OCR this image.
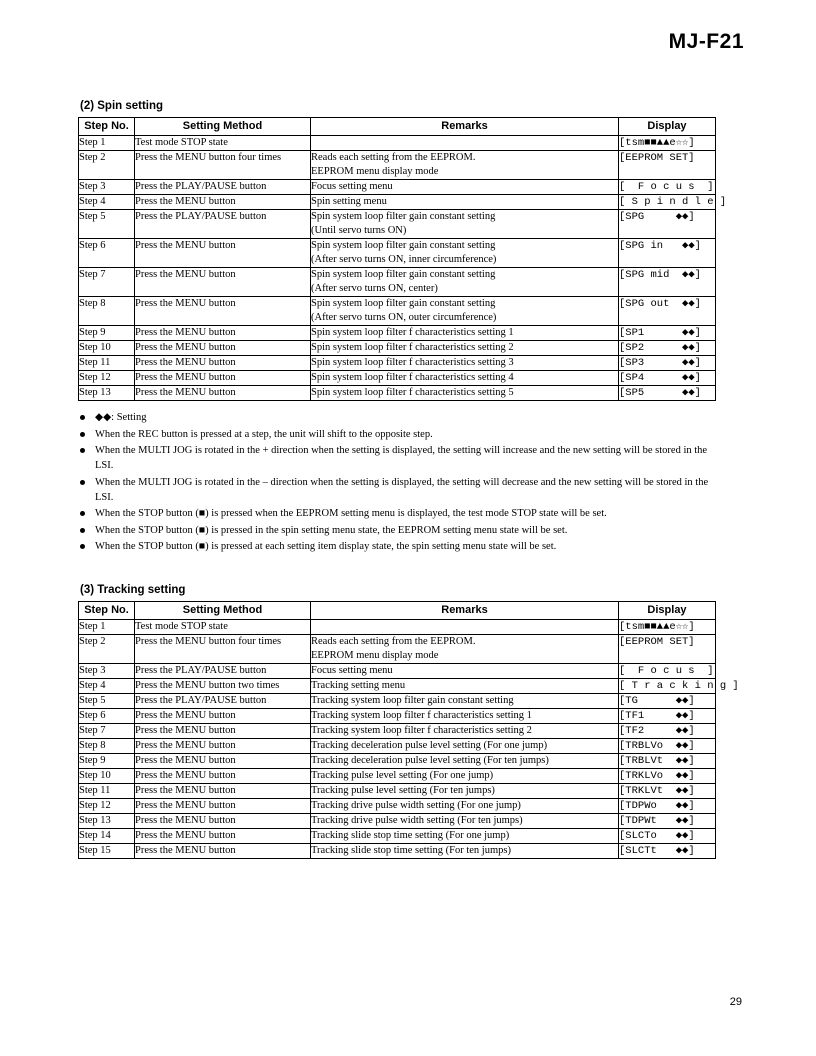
MJ-F21
(2) Spin setting
Step No.	Setting Method	Remarks	Display
Step 1	Test mode STOP state		[tsm■■▲▲e☆☆]
Step 2	Press the MENU button four times	Reads each setting from the EEPROM.
EEPROM menu display mode	[EEPROM SET]
Step 3	Press the PLAY/PAUSE button	Focus setting menu	[  F o c u s  ]
Step 4	Press the MENU button	Spin setting menu	[ S p i n d l e ]
Step 5	Press the PLAY/PAUSE button	Spin system loop filter gain constant setting
(Until servo turns ON)	[SPG     ◆◆]
Step 6	Press the MENU button	Spin system loop filter gain constant setting
(After servo turns ON, inner circumference)	[SPG in   ◆◆]
Step 7	Press the MENU button	Spin system loop filter gain constant setting
(After servo turns ON, center)	[SPG mid  ◆◆]
Step 8	Press the MENU button	Spin system loop filter gain constant setting
(After servo turns ON, outer circumference)	[SPG out  ◆◆]
Step 9	Press the MENU button	Spin system loop filter f characteristics setting 1	[SP1      ◆◆]
Step 10	Press the MENU button	Spin system loop filter f characteristics setting 2	[SP2      ◆◆]
Step 11	Press the MENU button	Spin system loop filter f characteristics setting 3	[SP3      ◆◆]
Step 12	Press the MENU button	Spin system loop filter f characteristics setting 4	[SP4      ◆◆]
Step 13	Press the MENU button	Spin system loop filter f characteristics setting 5	[SP5      ◆◆]
◆◆: Setting
When the REC button is pressed at a step, the unit will shift to the opposite step.
When the MULTI JOG is rotated in the + direction when the setting is displayed, the setting will increase and the new setting will be stored in the LSI.
When the MULTI JOG is rotated in the – direction when the setting is displayed, the setting will decrease and the new setting will be stored in the LSI.
When the STOP button (■) is pressed when the EEPROM setting menu is displayed, the test mode STOP state will be set.
When the STOP button (■) is pressed in the spin setting menu state, the EEPROM setting menu state will be set.
When the STOP button (■) is pressed at each setting item display state, the spin setting menu state will be set.
(3) Tracking setting
Step No.	Setting Method	Remarks	Display
Step 1	Test mode STOP state		[tsm■■▲▲e☆☆]
Step 2	Press the MENU button four times	Reads each setting from the EEPROM.
EEPROM menu display mode	[EEPROM SET]
Step 3	Press the PLAY/PAUSE button	Focus setting menu	[  F o c u s  ]
Step 4	Press the MENU button two times	Tracking setting menu	[ T r a c k i n g ]
Step 5	Press the PLAY/PAUSE button	Tracking system loop filter gain constant setting	[TG      ◆◆]
Step 6	Press the MENU button	Tracking system loop filter f characteristics setting 1	[TF1     ◆◆]
Step 7	Press the MENU button	Tracking system loop filter f characteristics setting 2	[TF2     ◆◆]
Step 8	Press the MENU button	Tracking deceleration pulse level setting (For one jump)	[TRBLVo  ◆◆]
Step 9	Press the MENU button	Tracking deceleration pulse level setting (For ten jumps)	[TRBLVt  ◆◆]
Step 10	Press the MENU button	Tracking pulse level setting (For one jump)	[TRKLVo  ◆◆]
Step 11	Press the MENU button	Tracking pulse level setting (For ten jumps)	[TRKLVt  ◆◆]
Step 12	Press the MENU button	Tracking drive pulse width setting (For one jump)	[TDPWo   ◆◆]
Step 13	Press the MENU button	Tracking drive pulse width setting (For ten jumps)	[TDPWt   ◆◆]
Step 14	Press the MENU button	Tracking slide stop time setting (For one jump)	[SLCTo   ◆◆]
Step 15	Press the MENU button	Tracking slide stop time setting (For ten jumps)	[SLCTt   ◆◆]
29
